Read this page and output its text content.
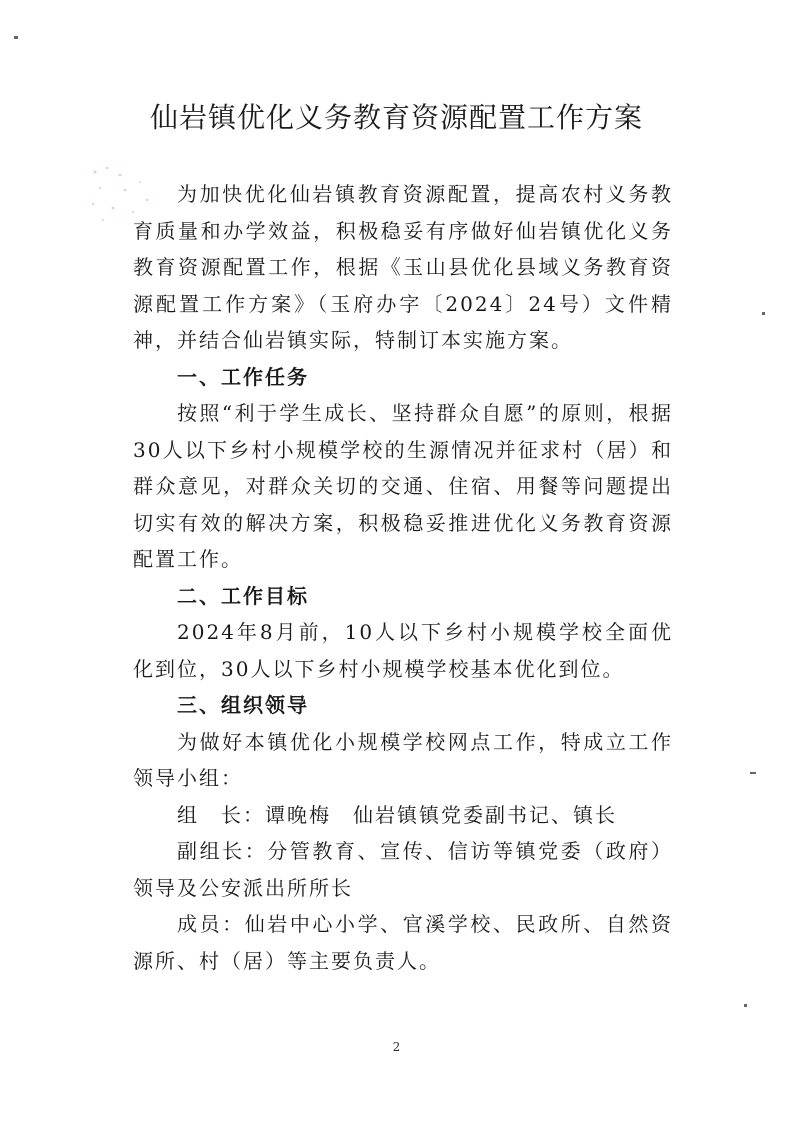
仙岩镇优化义务教育资源配置工作方案

为加快优化仙岩镇教育资源配置，提高农村义务教育质量和办学效益，积极稳妥有序做好仙岩镇优化义务教育资源配置工作，根据《玉山县优化县域义务教育资源配置工作方案》（玉府办字〔2024〕24号）文件精神，并结合仙岩镇实际，特制订本实施方案。

一、工作任务

按照“利于学生成长、坚持群众自愿”的原则，根据30人以下乡村小规模学校的生源情况并征求村（居）和群众意见，对群众关切的交通、住宿、用餐等问题提出切实有效的解决方案，积极稳妥推进优化义务教育资源配置工作。

二、工作目标

2024年8月前，10人以下乡村小规模学校全面优化到位，30人以下乡村小规模学校基本优化到位。

三、组织领导

为做好本镇优化小规模学校网点工作，特成立工作领导小组：

组　长：谭晚梅　仙岩镇镇党委副书记、镇长

副组长：分管教育、宣传、信访等镇党委（政府）领导及公安派出所所长

成员：仙岩中心小学、官溪学校、民政所、自然资源所、村（居）等主要负责人。

2
